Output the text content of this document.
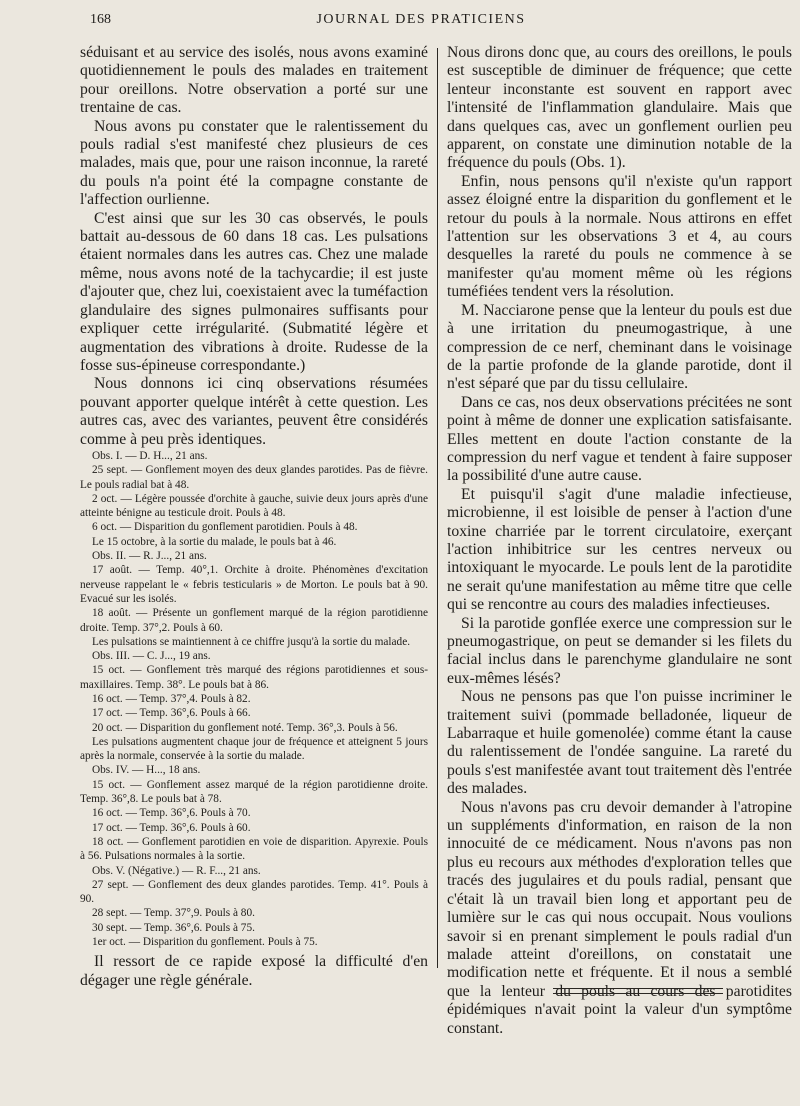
168	JOURNAL DES PRATICIENS

séduisant et au service des isolés, nous avons examiné quotidiennement le pouls des malades en traitement pour oreillons. Notre observation a porté sur une trentaine de cas.

Nous avons pu constater que le ralentissement du pouls radial s'est manifesté chez plusieurs de ces malades, mais que, pour une raison inconnue, la rareté du pouls n'a point été la compagne constante de l'affection ourlienne.

C'est ainsi que sur les 30 cas observés, le pouls battait au-dessous de 60 dans 18 cas. Les pulsations étaient normales dans les autres cas. Chez une malade même, nous avons noté de la tachycardie; il est juste d'ajouter que, chez lui, coexistaient avec la tuméfaction glandulaire des signes pulmonaires suffisants pour expliquer cette irrégularité. (Submatité légère et augmentation des vibrations à droite. Rudesse de la fosse sus-épineuse correspondante.)

Nous donnons ici cinq observations résumées pouvant apporter quelque intérêt à cette question. Les autres cas, avec des variantes, peuvent être considérés comme à peu près identiques.

Obs. I. — D. H..., 21 ans.

25 sept. — Gonflement moyen des deux glandes parotides. Pas de fièvre. Le pouls radial bat à 48.

2 oct. — Légère poussée d'orchite à gauche, suivie deux jours après d'une atteinte bénigne au testicule droit. Pouls à 48.

6 oct. — Disparition du gonflement parotidien. Pouls à 48.

Le 15 octobre, à la sortie du malade, le pouls bat à 46.

Obs. II. — R. J..., 21 ans.

17 août. — Temp. 40°,1. Orchite à droite. Phénomènes d'excitation nerveuse rappelant le « febris testicularis » de Morton. Le pouls bat à 90. Evacué sur les isolés.

18 août. — Présente un gonflement marqué de la région parotidienne droite. Temp. 37°,2. Pouls à 60.

Les pulsations se maintiennent à ce chiffre jusqu'à la sortie du malade.

Obs. III. — C. J..., 19 ans.

15 oct. — Gonflement très marqué des régions parotidiennes et sous-maxillaires. Temp. 38°. Le pouls bat à 86.

16 oct. — Temp. 37°,4. Pouls à 82.

17 oct. — Temp. 36°,6. Pouls à 66.

20 oct. — Disparition du gonflement noté. Temp. 36°,3. Pouls à 56.

Les pulsations augmentent chaque jour de fréquence et atteignent 5 jours après la normale, conservée à la sortie du malade.

Obs. IV. — H..., 18 ans.

15 oct. — Gonflement assez marqué de la région parotidienne droite. Temp. 36°,8. Le pouls bat à 78.

16 oct. — Temp. 36°,6. Pouls à 70.

17 oct. — Temp. 36°,6. Pouls à 60.

18 oct. — Gonflement parotidien en voie de disparition. Apyrexie. Pouls à 56. Pulsations normales à la sortie.

Obs. V. (Négative.) — R. F..., 21 ans.

27 sept. — Gonflement des deux glandes parotides. Temp. 41°. Pouls à 90.

28 sept. — Temp. 37°,9. Pouls à 80.

30 sept. — Temp. 36°,6. Pouls à 75.

1er oct. — Disparition du gonflement. Pouls à 75.

Il ressort de ce rapide exposé la difficulté d'en dégager une règle générale.

Nous dirons donc que, au cours des oreillons, le pouls est susceptible de diminuer de fréquence; que cette lenteur inconstante est souvent en rapport avec l'intensité de l'inflammation glandulaire. Mais que dans quelques cas, avec un gonflement ourlien peu apparent, on constate une diminution notable de la fréquence du pouls (Obs. 1).

Enfin, nous pensons qu'il n'existe qu'un rapport assez éloigné entre la disparition du gonflement et le retour du pouls à la normale. Nous attirons en effet l'attention sur les observations 3 et 4, au cours desquelles la rareté du pouls ne commence à se manifester qu'au moment même où les régions tuméfiées tendent vers la résolution.

M. Nacciarone pense que la lenteur du pouls est due à une irritation du pneumogastrique, à une compression de ce nerf, cheminant dans le voisinage de la partie profonde de la glande parotide, dont il n'est séparé que par du tissu cellulaire.

Dans ce cas, nos deux observations précitées ne sont point à même de donner une explication satisfaisante. Elles mettent en doute l'action constante de la compression du nerf vague et tendent à faire supposer la possibilité d'une autre cause.

Et puisqu'il s'agit d'une maladie infectieuse, microbienne, il est loisible de penser à l'action d'une toxine charriée par le torrent circulatoire, exerçant l'action inhibitrice sur les centres nerveux ou intoxiquant le myocarde. Le pouls lent de la parotidite ne serait qu'une manifestation au même titre que celle qui se rencontre au cours des maladies infectieuses.

Si la parotide gonflée exerce une compression sur le pneumogastrique, on peut se demander si les filets du facial inclus dans le parenchyme glandulaire ne sont eux-mêmes lésés?

Nous ne pensons pas que l'on puisse incriminer le traitement suivi (pommade belladonée, liqueur de Labarraque et huile gomenolée) comme étant la cause du ralentissement de l'ondée sanguine. La rareté du pouls s'est manifestée avant tout traitement dès l'entrée des malades.

Nous n'avons pas cru devoir demander à l'atropine un suppléments d'information, en raison de la non innocuité de ce médicament. Nous n'avons pas non plus eu recours aux méthodes d'exploration telles que tracés des jugulaires et du pouls radial, pensant que c'était là un travail bien long et apportant peu de lumière sur le cas qui nous occupait. Nous voulions savoir si en prenant simplement le pouls radial d'un malade atteint d'oreillons, on constatait une modification nette et fréquente. Et il nous a semblé que la lenteur du pouls au cours des parotidites épidémiques n'avait point la valeur d'un symptôme constant.
